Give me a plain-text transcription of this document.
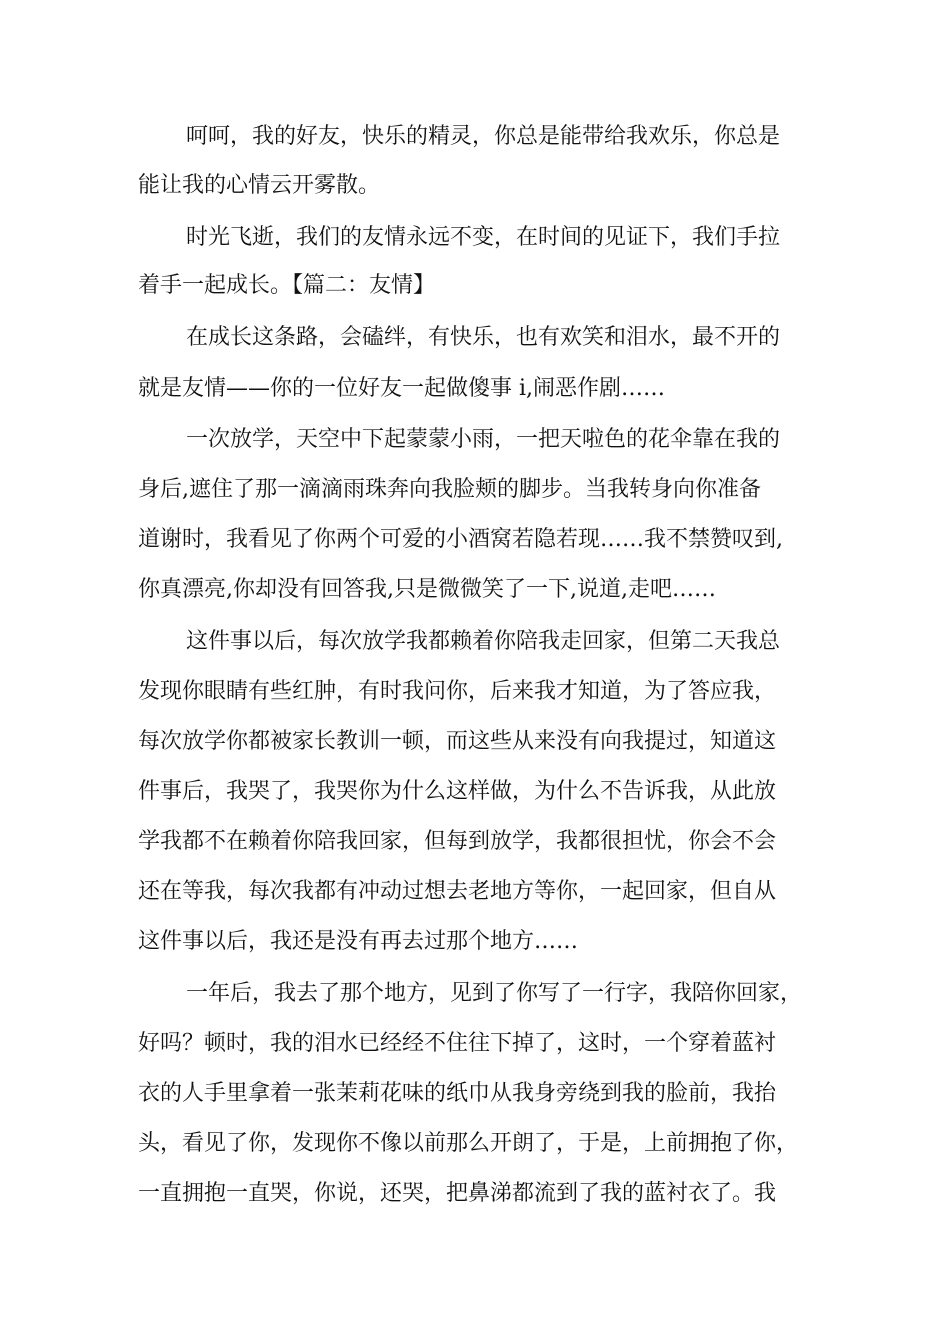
呵呵，我的好友，快乐的精灵，你总是能带给我欢乐，你总是
能让我的心情云开雾散。
时光飞逝，我们的友情永远不变，在时间的见证下，我们手拉
着手一起成长。【篇二：友情】
在成长这条路，会磕绊，有快乐，也有欢笑和泪水，最不开的
就是友情——你的一位好友一起做傻事 i,闹恶作剧……
一次放学，天空中下起蒙蒙小雨，一把天啦色的花伞靠在我的
身后,遮住了那一滴滴雨珠奔向我脸颊的脚步。当我转身向你准备
道谢时，我看见了你两个可爱的小酒窝若隐若现……我不禁赞叹到,
你真漂亮,你却没有回答我,只是微微笑了一下,说道,走吧……
这件事以后，每次放学我都赖着你陪我走回家，但第二天我总
发现你眼睛有些红肿，有时我问你，后来我才知道，为了答应我，
每次放学你都被家长教训一顿，而这些从来没有向我提过，知道这
件事后，我哭了，我哭你为什么这样做，为什么不告诉我，从此放
学我都不在赖着你陪我回家，但每到放学，我都很担忧，你会不会
还在等我，每次我都有冲动过想去老地方等你，一起回家，但自从
这件事以后，我还是没有再去过那个地方……
一年后，我去了那个地方，见到了你写了一行字，我陪你回家，
好吗？顿时，我的泪水已经经不住往下掉了，这时，一个穿着蓝衬
衣的人手里拿着一张茉莉花味的纸巾从我身旁绕到我的脸前，我抬
头，看见了你，发现你不像以前那么开朗了，于是，上前拥抱了你，
一直拥抱一直哭，你说，还哭，把鼻涕都流到了我的蓝衬衣了。我
